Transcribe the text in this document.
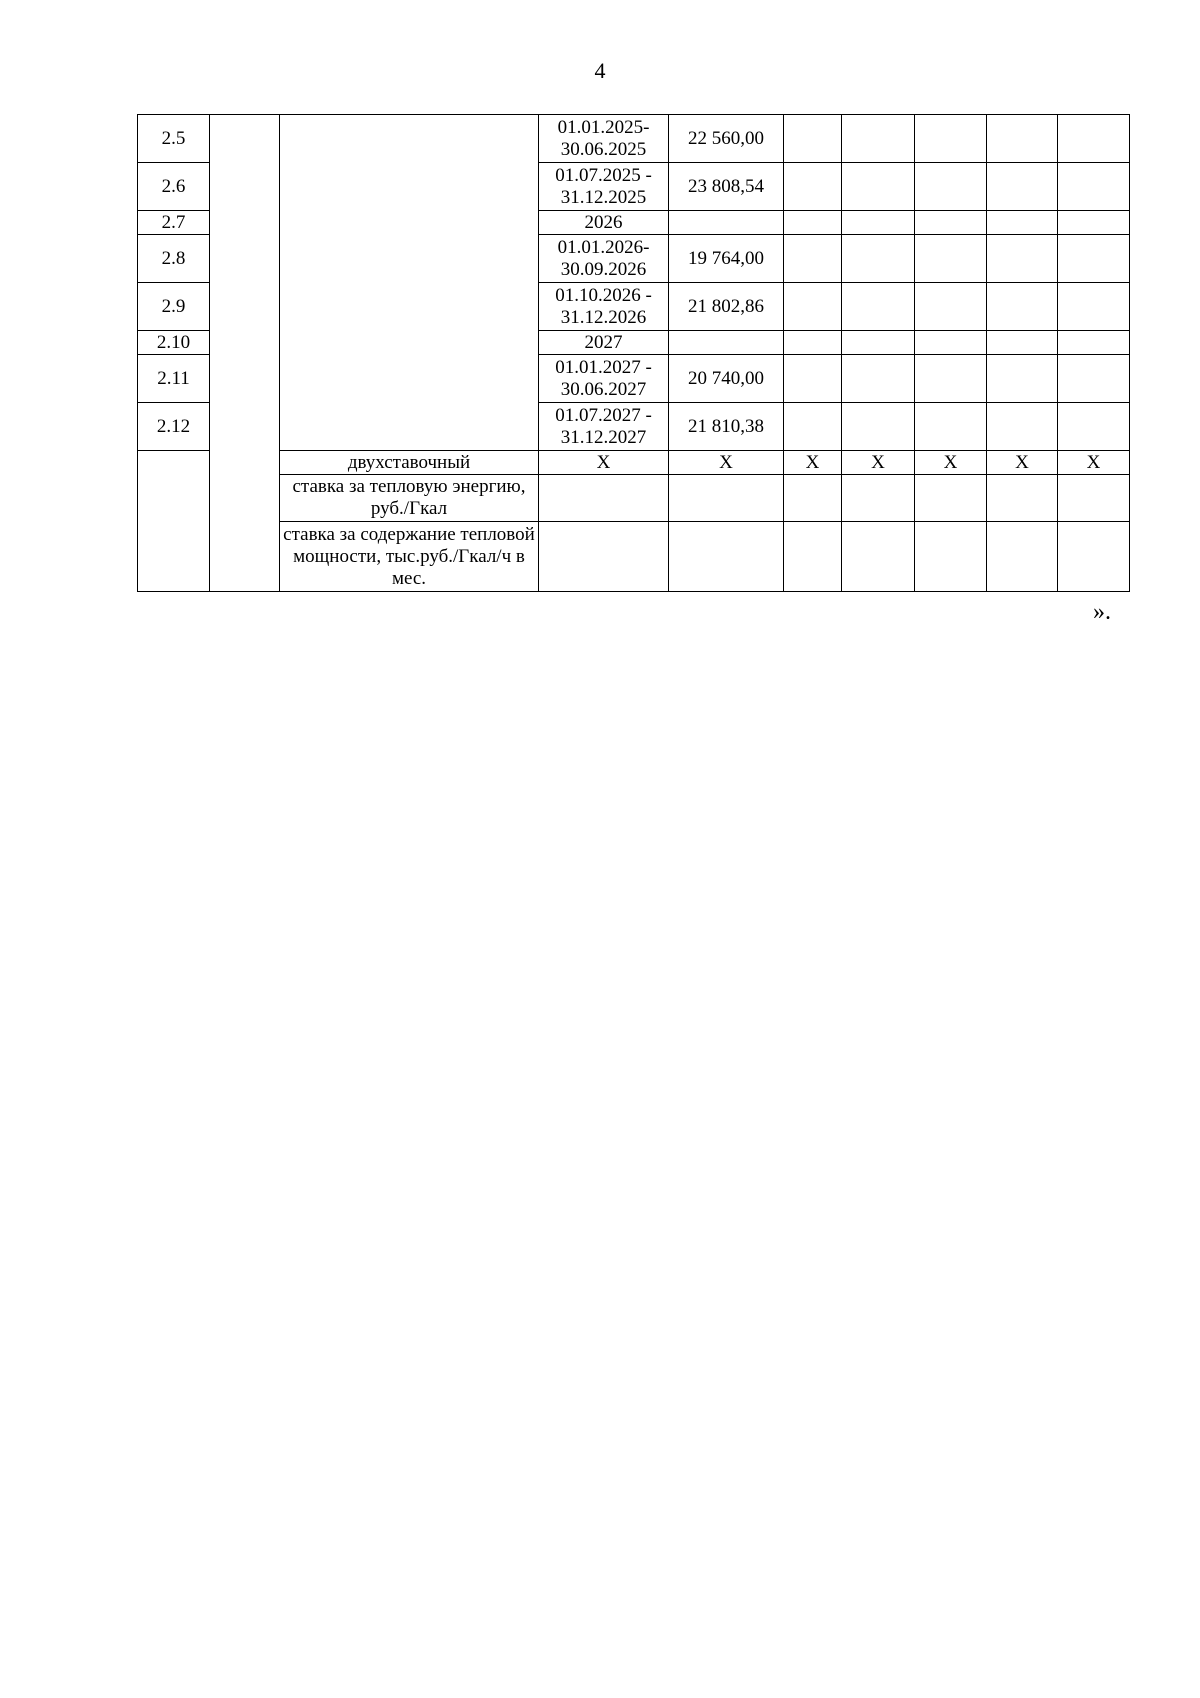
4
2.5			01.01.2025-30.06.2025	22 560,00					
2.6			01.07.2025 - 31.12.2025	23 808,54					
2.7			2026						
2.8			01.01.2026-30.09.2026	19 764,00					
2.9			01.10.2026 - 31.12.2026	21 802,86					
2.10			2027						
2.11			01.01.2027 - 30.06.2027	20 740,00					
2.12			01.07.2027 - 31.12.2027	21 810,38					
		двухставочный	Х	Х	Х	Х	Х	Х	Х
		ставка за тепловую энергию, руб./Гкал							
		ставка за содержание тепловой мощности, тыс.руб./Гкал/ч в мес.							
».
